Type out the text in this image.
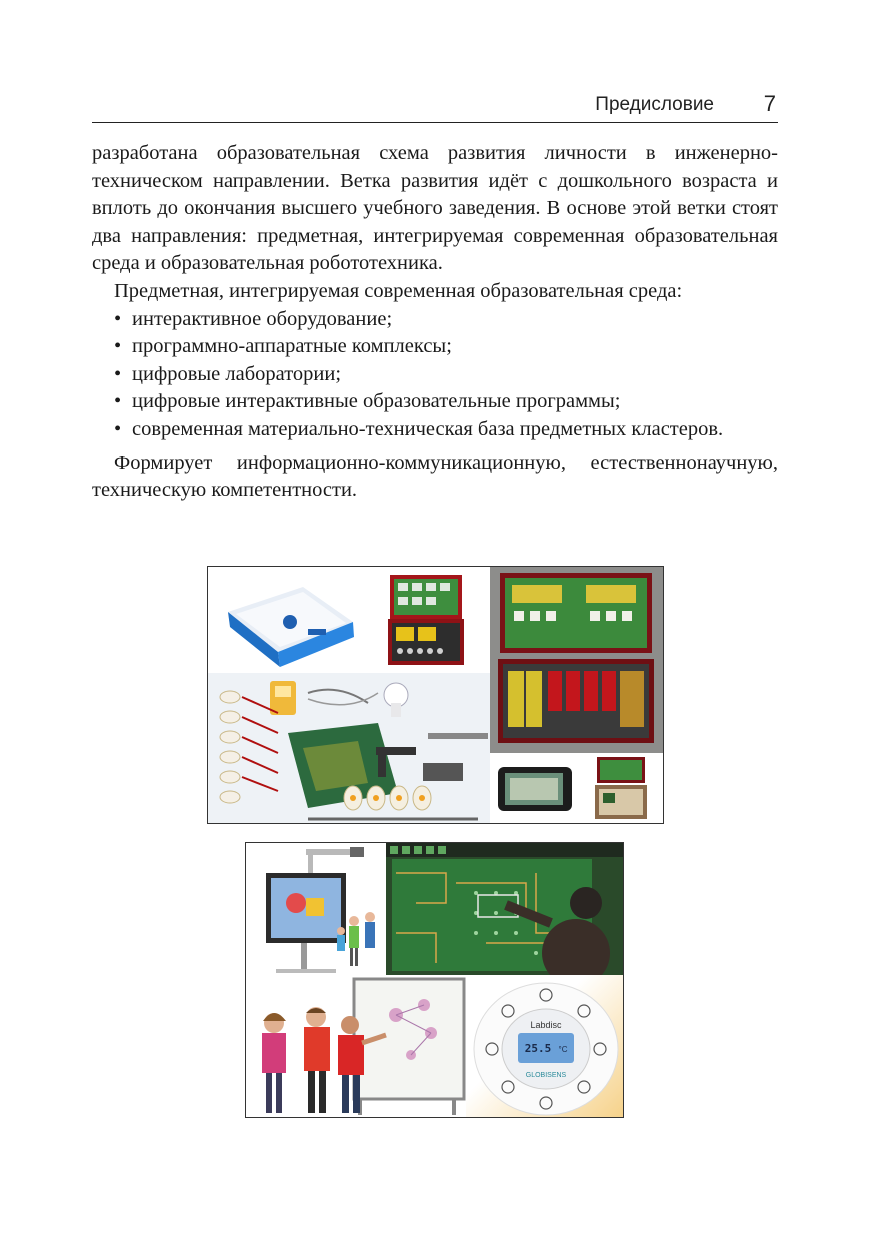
Предисловие 7

разработана образовательная схема развития личности в инженерно-техническом направлении. Ветка развития идёт с дошкольного возраста и вплоть до окончания высшего учебного заведения. В основе этой ветки стоят два направления: предметная, интегрируемая современная образовательная среда и образовательная робототехника.

Предметная, интегрируемая современная образовательная среда:

• интерактивное оборудование;
• программно-аппаратные комплексы;
• цифровые лаборатории;
• цифровые интерактивные образовательные программы;
• современная материально-техническая база предметных кластеров.

Формирует информационно-коммуникационную, естественнонаучную, техническую компетентности.

Labdisc
25.5 °C
GLOBISENS
